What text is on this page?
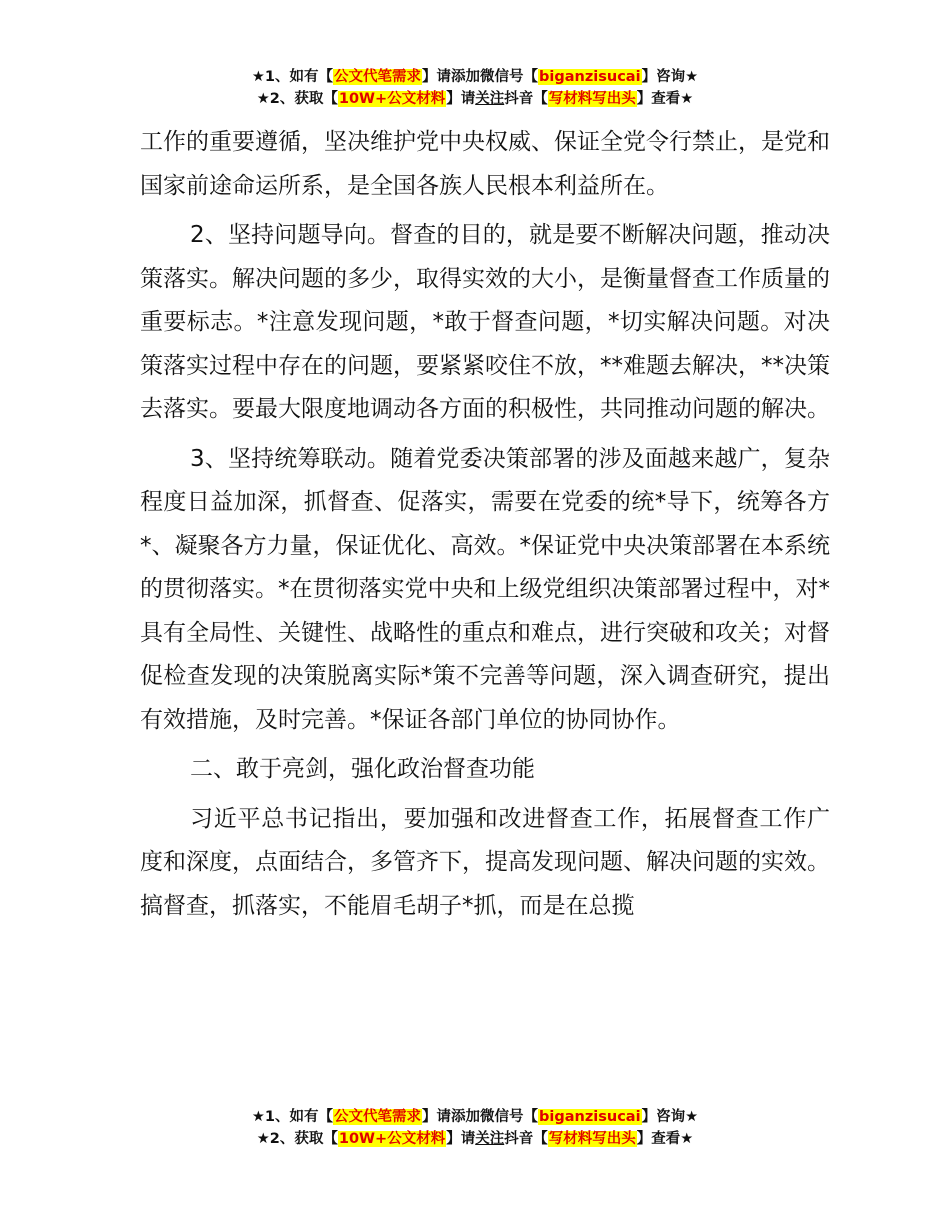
★1、如有【公文代笔需求】请添加微信号【biganzisucai】咨询★
★2、获取【10W+公文材料】请关注抖音【写材料写出头】查看★

工作的重要遵循，坚决维护党中央权威、保证全党令行禁止，是党和国家前途命运所系，是全国各族人民根本利益所在。

2、坚持问题导向。督查的目的，就是要不断解决问题，推动决策落实。解决问题的多少，取得实效的大小，是衡量督查工作质量的重要标志。*注意发现问题，*敢于督查问题，*切实解决问题。对决策落实过程中存在的问题，要紧紧咬住不放，**难题去解决，**决策去落实。要最大限度地调动各方面的积极性，共同推动问题的解决。

3、坚持统筹联动。随着党委决策部署的涉及面越来越广，复杂程度日益加深，抓督查、促落实，需要在党委的统*导下，统筹各方*、凝聚各方力量，保证优化、高效。*保证党中央决策部署在本系统的贯彻落实。*在贯彻落实党中央和上级党组织决策部署过程中，对*具有全局性、关键性、战略性的重点和难点，进行突破和攻关；对督促检查发现的决策脱离实际*策不完善等问题，深入调查研究，提出有效措施，及时完善。*保证各部门单位的协同协作。

二、敢于亮剑，强化政治督查功能

习近平总书记指出，要加强和改进督查工作，拓展督查工作广度和深度，点面结合，多管齐下，提高发现问题、解决问题的实效。搞督查，抓落实，不能眉毛胡子*抓，而是在总揽

★1、如有【公文代笔需求】请添加微信号【biganzisucai】咨询★
★2、获取【10W+公文材料】请关注抖音【写材料写出头】查看★
